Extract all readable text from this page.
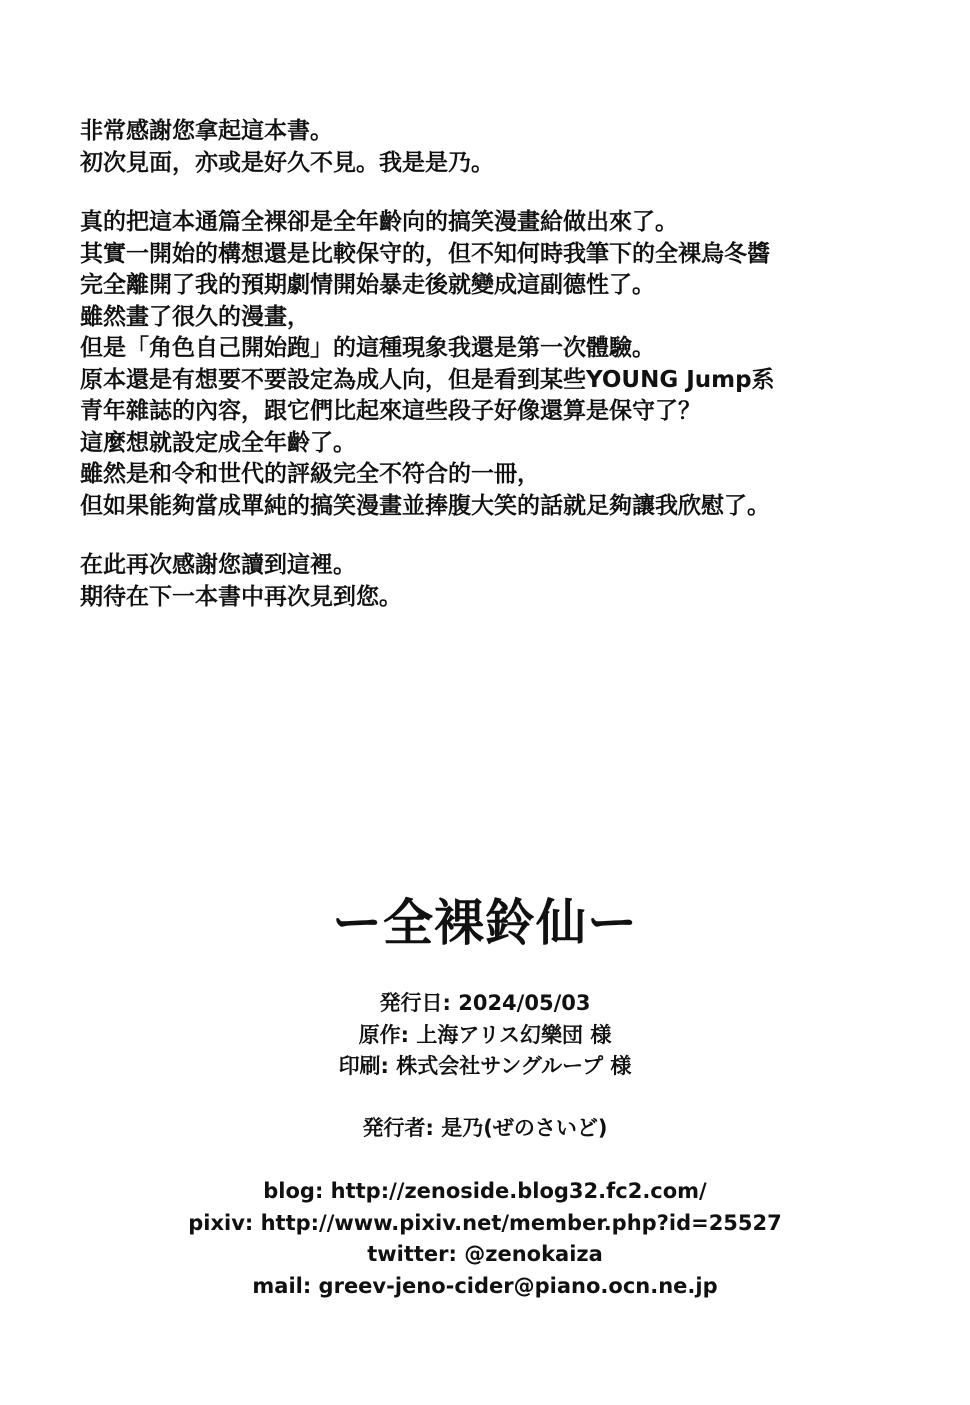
非常感謝您拿起這本書。

初次見面，亦或是好久不見。我是是乃。

真的把這本通篇全裸卻是全年齡向的搞笑漫畫給做出來了。

其實一開始的構想還是比較保守的，但不知何時我筆下的全裸烏冬醬

完全離開了我的預期劇情開始暴走後就變成這副德性了。

雖然畫了很久的漫畫，

但是「角色自己開始跑」的這種現象我還是第一次體驗。

原本還是有想要不要設定為成人向，但是看到某些YOUNG Jump系

青年雜誌的內容，跟它們比起來這些段子好像還算是保守了？

這麼想就設定成全年齡了。

雖然是和令和世代的評級完全不符合的一冊，

但如果能夠當成單純的搞笑漫畫並捧腹大笑的話就足夠讓我欣慰了。

在此再次感謝您讀到這裡。

期待在下一本書中再次見到您。

ー全裸鈴仙ー
発行日: 2024/05/03
原作: 上海アリス幻樂団 様
印刷: 株式会社サングループ 様
発行者: 是乃(ぜのさいど)
blog: http://zenoside.blog32.fc2.com/
pixiv: http://www.pixiv.net/member.php?id=25527
twitter: @zenokaiza
mail: greev-jeno-cider@piano.ocn.ne.jp
